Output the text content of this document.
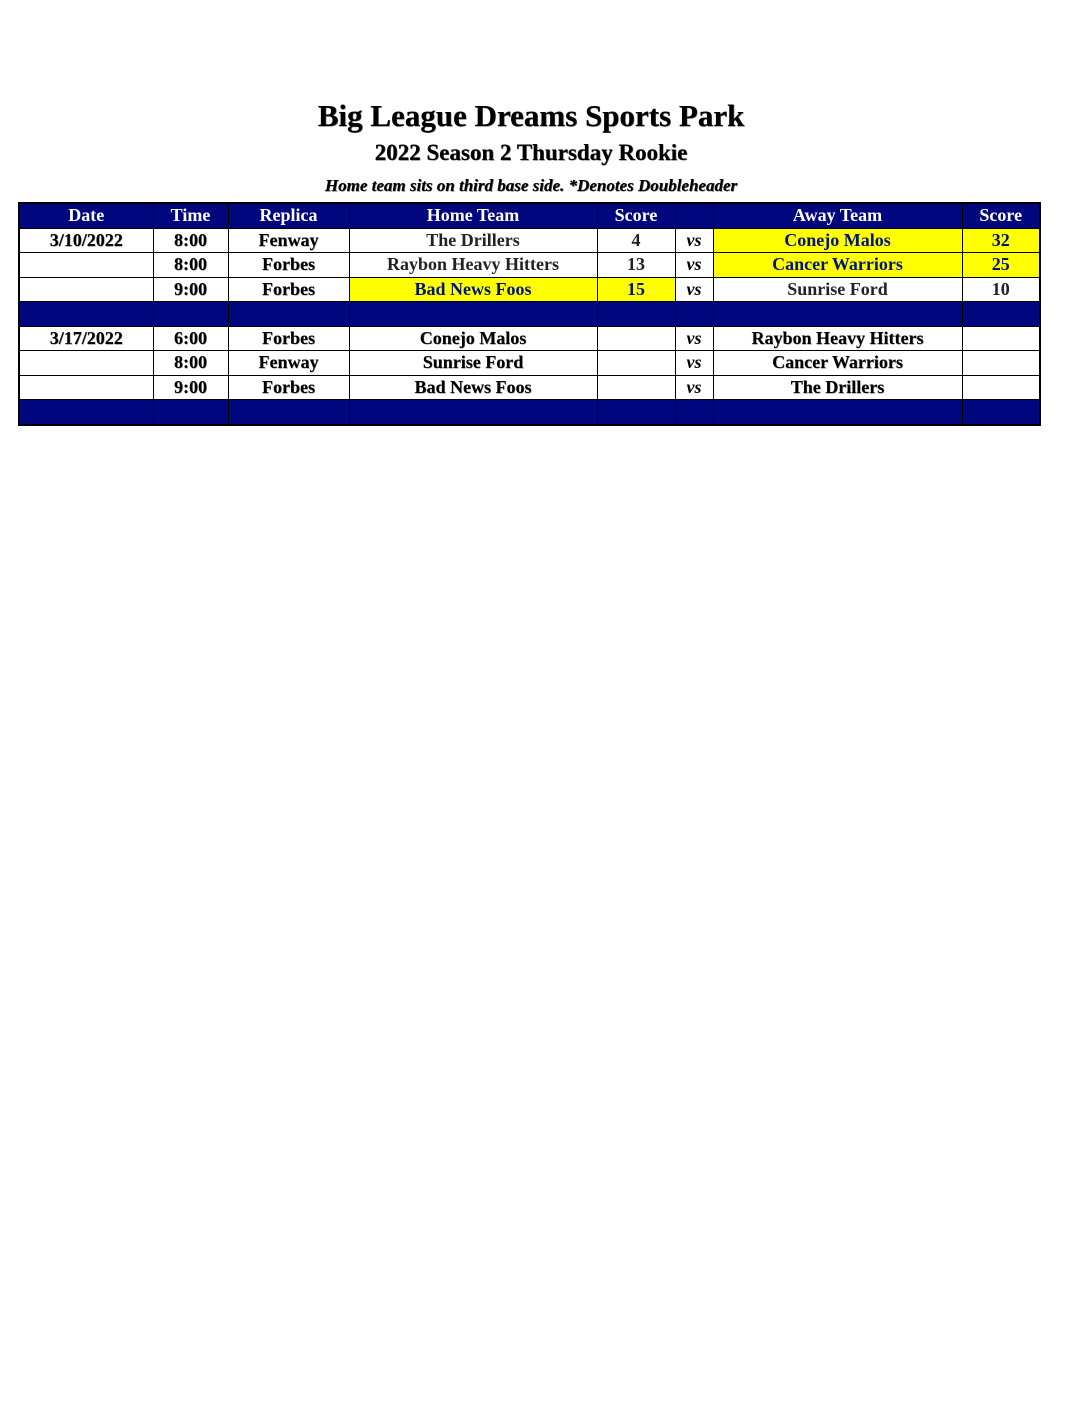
Big League Dreams Sports Park
2022 Season 2 Thursday Rookie
Home team sits on third base side. *Denotes Doubleheader
Date	Time	Replica	Home Team	Score		Away Team	Score
3/10/2022	8:00	Fenway	The Drillers	4	vs	Conejo Malos	32
	8:00	Forbes	Raybon Heavy Hitters	13	vs	Cancer Warriors	25
	9:00	Forbes	Bad News Foos	15	vs	Sunrise Ford	10

3/17/2022	6:00	Forbes	Conejo Malos		vs	Raybon Heavy Hitters	
	8:00	Fenway	Sunrise Ford		vs	Cancer Warriors	
	9:00	Forbes	Bad News Foos		vs	The Drillers	
